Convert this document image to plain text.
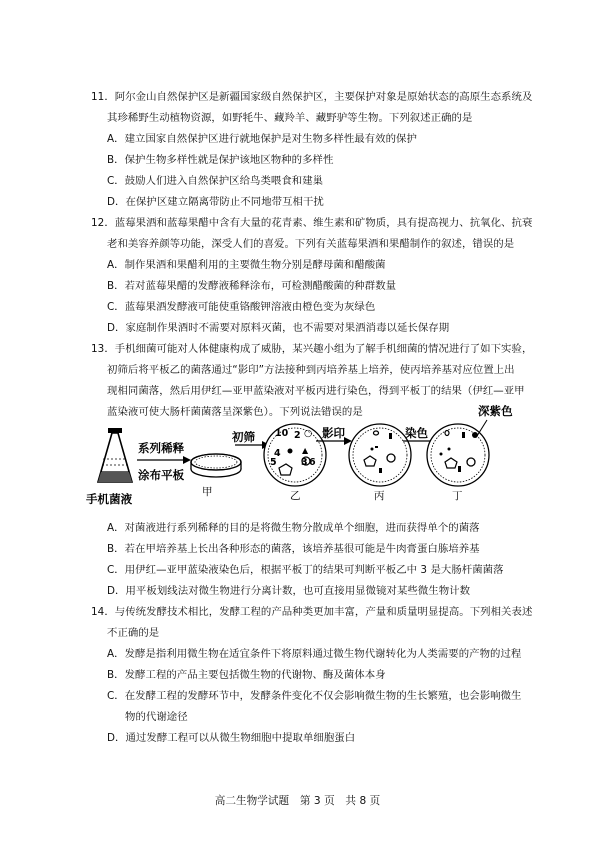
11．阿尔金山自然保护区是新疆国家级自然保护区，主要保护对象是原始状态的高原生态系统及
其珍稀野生动植物资源，如野牦牛、藏羚羊、藏野驴等生物。下列叙述正确的是
A．建立国家自然保护区进行就地保护是对生物多样性最有效的保护
B．保护生物多样性就是保护该地区物种的多样性
C．鼓励人们进入自然保护区给鸟类喂食和建巢
D．在保护区建立隔离带防止不同地带互相干扰
12．蓝莓果酒和蓝莓果醋中含有大量的花青素、维生素和矿物质，具有提高视力、抗氧化、抗衰
老和美容养颜等功能，深受人们的喜爱。下列有关蓝莓果酒和果醋制作的叙述，错误的是
A．制作果酒和果醋利用的主要微生物分别是酵母菌和醋酸菌
B．若对蓝莓果醋的发酵液稀释涂布，可检测醋酸菌的种群数量
C．蓝莓果酒发酵液可能使重铬酸钾溶液由橙色变为灰绿色
D．家庭制作果酒时不需要对原料灭菌，也不需要对果酒消毒以延长保存期
13．手机细菌可能对人体健康构成了威胁，某兴趣小组为了解手机细菌的情况进行了如下实验，
初筛后将平板乙的菌落通过“影印”方法接种到丙培养基上培养，使丙培养基对应位置上出
现相同菌落，然后用伊红—亚甲蓝染液对平板丙进行染色，得到平板丁的结果（伊红—亚甲
蓝染液可使大肠杆菌菌落呈深紫色）。下列说法错误的是
手机菌液
系列稀释
涂布平板
甲
初筛 10 2 ○
4
5
▲
3 6
乙
影印
丙
染色
深紫色
丁
A．对菌液进行系列稀释的目的是将微生物分散成单个细胞，进而获得单个的菌落
B．若在甲培养基上长出各种形态的菌落，该培养基很可能是牛肉膏蛋白胨培养基
C．用伊红—亚甲蓝染液染色后，根据平板丁的结果可判断平板乙中 3 是大肠杆菌菌落
D．用平板划线法对微生物进行分离计数，也可直接用显微镜对某些微生物计数
14．与传统发酵技术相比，发酵工程的产品种类更加丰富，产量和质量明显提高。下列相关表述
不正确的是
A．发酵是指利用微生物在适宜条件下将原料通过微生物代谢转化为人类需要的产物的过程
B．发酵工程的产品主要包括微生物的代谢物、酶及菌体本身
C．在发酵工程的发酵环节中，发酵条件变化不仅会影响微生物的生长繁殖，也会影响微生
物的代谢途径
D．通过发酵工程可以从微生物细胞中提取单细胞蛋白
高二生物学试题　第 3 页　共 8 页
